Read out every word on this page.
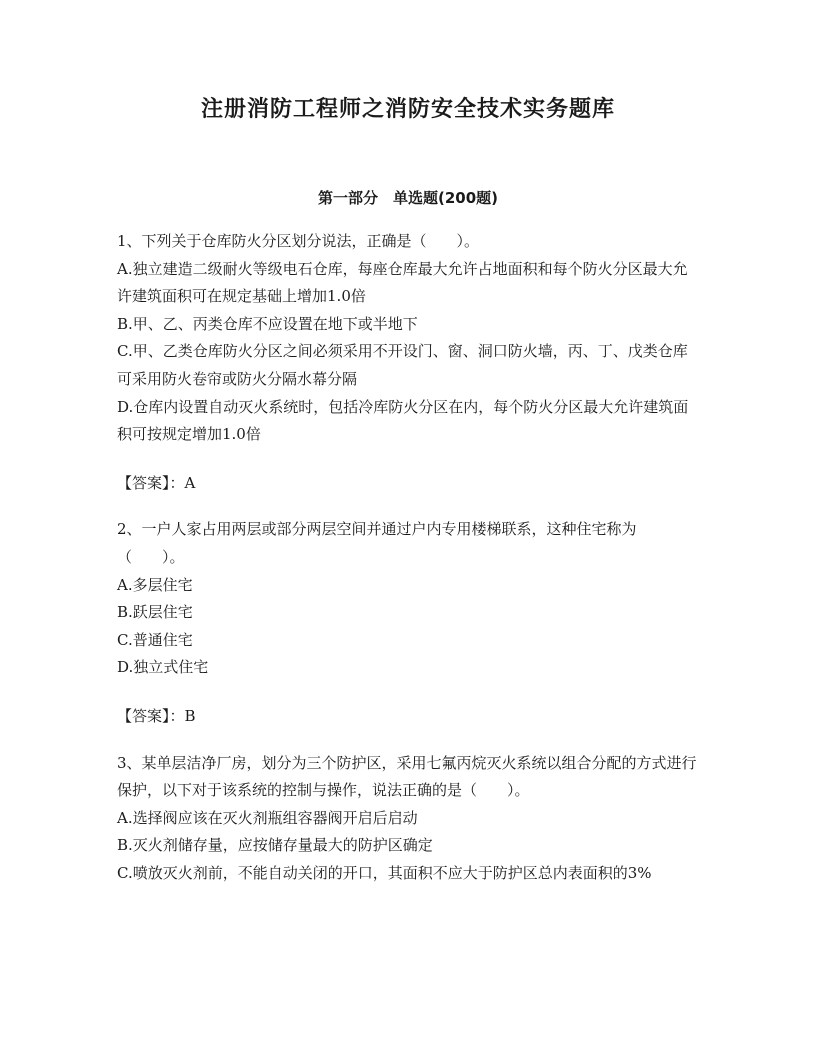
注册消防工程师之消防安全技术实务题库
第一部分　单选题(200题)
1、下列关于仓库防火分区划分说法，正确是（　　）。
A.独立建造二级耐火等级电石仓库，每座仓库最大允许占地面积和每个防火分区最大允许建筑面积可在规定基础上增加1.0倍
B.甲、乙、丙类仓库不应设置在地下或半地下
C.甲、乙类仓库防火分区之间必须采用不开设门、窗、洞口防火墙，丙、丁、戊类仓库可采用防火卷帘或防火分隔水幕分隔
D.仓库内设置自动灭火系统时，包括冷库防火分区在内，每个防火分区最大允许建筑面积可按规定增加1.0倍
【答案】：A
2、一户人家占用两层或部分两层空间并通过户内专用楼梯联系，这种住宅称为（　　）。
A.多层住宅
B.跃层住宅
C.普通住宅
D.独立式住宅
【答案】：B
3、某单层洁净厂房，划分为三个防护区，采用七氟丙烷灭火系统以组合分配的方式进行保护，以下对于该系统的控制与操作，说法正确的是（　　）。
A.选择阀应该在灭火剂瓶组容器阀开启后启动
B.灭火剂储存量，应按储存量最大的防护区确定
C.喷放灭火剂前，不能自动关闭的开口，其面积不应大于防护区总内表面积的3%
